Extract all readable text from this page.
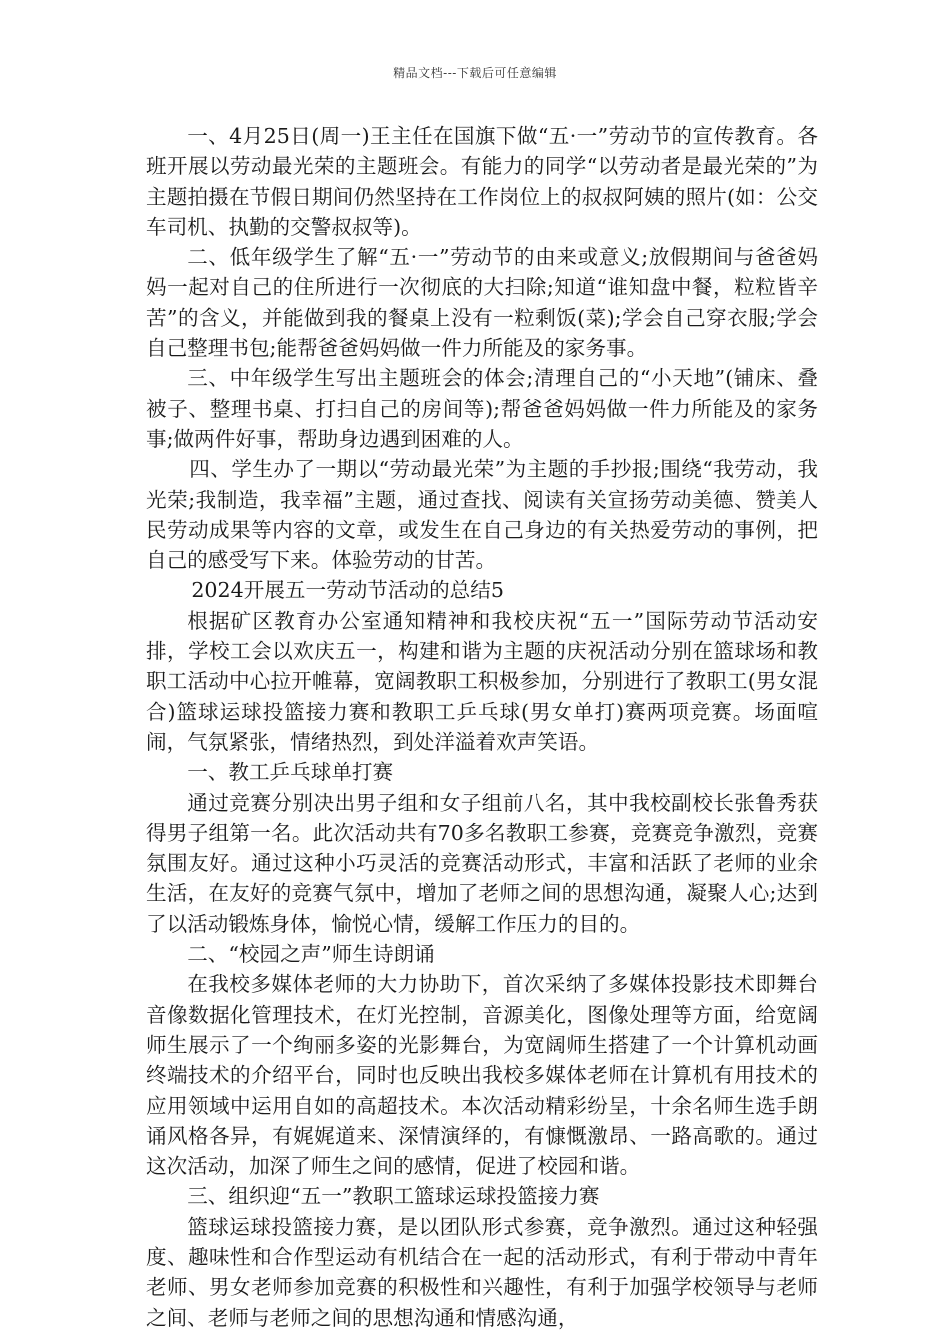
精品文档---下载后可任意编辑

一、4月25日(周一)王主任在国旗下做“五·一”劳动节的宣传教育。各班开展以劳动最光荣的主题班会。有能力的同学“以劳动者是最光荣的”为主题拍摄在节假日期间仍然坚持在工作岗位上的叔叔阿姨的照片(如：公交车司机、执勤的交警叔叔等)。

二、低年级学生了解“五·一”劳动节的由来或意义;放假期间与爸爸妈妈一起对自己的住所进行一次彻底的大扫除;知道“谁知盘中餐，粒粒皆辛苦”的含义，并能做到我的餐桌上没有一粒剩饭(菜);学会自己穿衣服;学会自己整理书包;能帮爸爸妈妈做一件力所能及的家务事。

三、中年级学生写出主题班会的体会;清理自己的“小天地”(铺床、叠被子、整理书桌、打扫自己的房间等);帮爸爸妈妈做一件力所能及的家务事;做两件好事，帮助身边遇到困难的人。

四、学生办了一期以“劳动最光荣”为主题的手抄报;围绕“我劳动，我光荣;我制造，我幸福”主题，通过查找、阅读有关宣扬劳动美德、赞美人民劳动成果等内容的文章，或发生在自己身边的有关热爱劳动的事例，把自己的感受写下来。体验劳动的甘苦。

2024开展五一劳动节活动的总结5

根据矿区教育办公室通知精神和我校庆祝“五一”国际劳动节活动安排，学校工会以欢庆五一，构建和谐为主题的庆祝活动分别在篮球场和教职工活动中心拉开帷幕，宽阔教职工积极参加，分别进行了教职工(男女混合)篮球运球投篮接力赛和教职工乒乓球(男女单打)赛两项竞赛。场面喧闹，气氛紧张，情绪热烈，到处洋溢着欢声笑语。

一、教工乒乓球单打赛

通过竞赛分别决出男子组和女子组前八名，其中我校副校长张鲁秀获得男子组第一名。此次活动共有70多名教职工参赛，竞赛竞争激烈，竞赛氛围友好。通过这种小巧灵活的竞赛活动形式，丰富和活跃了老师的业余生活，在友好的竞赛气氛中，增加了老师之间的思想沟通，凝聚人心;达到了以活动锻炼身体，愉悦心情，缓解工作压力的目的。

二、“校园之声”师生诗朗诵

在我校多媒体老师的大力协助下，首次采纳了多媒体投影技术即舞台音像数据化管理技术，在灯光控制，音源美化，图像处理等方面，给宽阔师生展示了一个绚丽多姿的光影舞台，为宽阔师生搭建了一个计算机动画终端技术的介绍平台，同时也反映出我校多媒体老师在计算机有用技术的应用领域中运用自如的高超技术。本次活动精彩纷呈，十余名师生选手朗诵风格各异，有娓娓道来、深情演绎的，有慷慨激昂、一路高歌的。通过这次活动，加深了师生之间的感情，促进了校园和谐。

三、组织迎“五一”教职工篮球运球投篮接力赛

篮球运球投篮接力赛，是以团队形式参赛，竞争激烈。通过这种轻强度、趣味性和合作型运动有机结合在一起的活动形式，有利于带动中青年老师、男女老师参加竞赛的积极性和兴趣性，有利于加强学校领导与老师之间、老师与老师之间的思想沟通和情感沟通，
